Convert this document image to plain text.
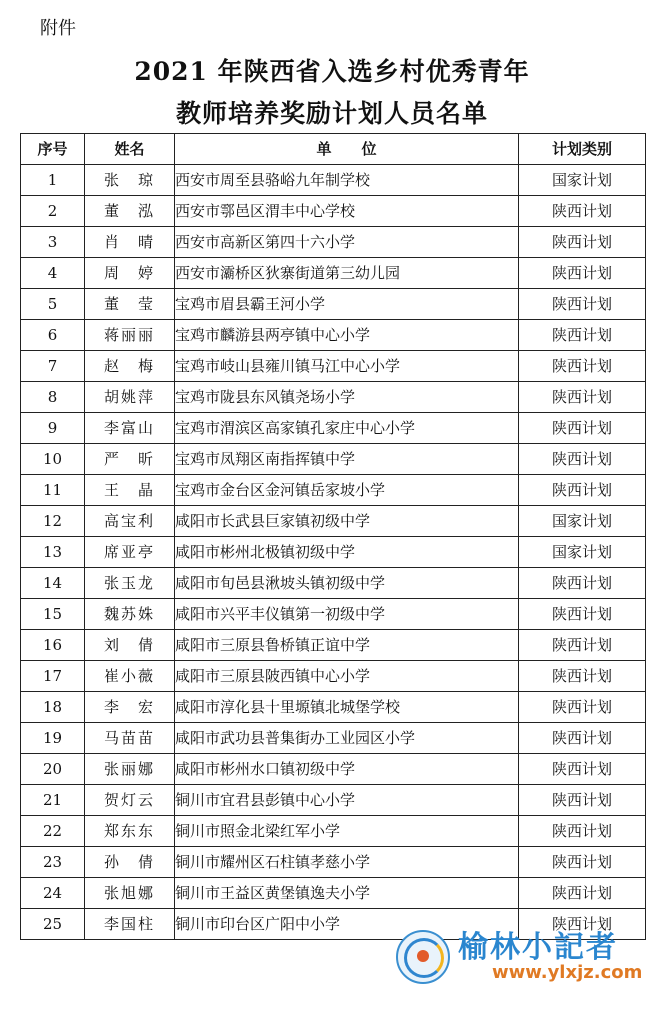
附件
2021 年陕西省入选乡村优秀青年
教师培养奖励计划人员名单
序号	姓名	单　　位	计划类别
1	张　琼	西安市周至县骆峪九年制学校	国家计划
2	董　泓	西安市鄠邑区渭丰中心学校	陕西计划
3	肖　晴	西安市高新区第四十六小学	陕西计划
4	周　婷	西安市灞桥区狄寨街道第三幼儿园	陕西计划
5	董　莹	宝鸡市眉县霸王河小学	陕西计划
6	蒋丽丽	宝鸡市麟游县两亭镇中心小学	陕西计划
7	赵　梅	宝鸡市岐山县雍川镇马江中心小学	陕西计划
8	胡姚萍	宝鸡市陇县东风镇尧场小学	陕西计划
9	李富山	宝鸡市渭滨区高家镇孔家庄中心小学	陕西计划
10	严　昕	宝鸡市凤翔区南指挥镇中学	陕西计划
11	王　晶	宝鸡市金台区金河镇岳家坡小学	陕西计划
12	高宝利	咸阳市长武县巨家镇初级中学	国家计划
13	席亚亭	咸阳市彬州北极镇初级中学	国家计划
14	张玉龙	咸阳市旬邑县湫坡头镇初级中学	陕西计划
15	魏苏姝	咸阳市兴平丰仪镇第一初级中学	陕西计划
16	刘　倩	咸阳市三原县鲁桥镇正谊中学	陕西计划
17	崔小薇	咸阳市三原县陂西镇中心小学	陕西计划
18	李　宏	咸阳市淳化县十里塬镇北城堡学校	陕西计划
19	马苗苗	咸阳市武功县普集街办工业园区小学	陕西计划
20	张丽娜	咸阳市彬州水口镇初级中学	陕西计划
21	贺灯云	铜川市宜君县彭镇中心小学	陕西计划
22	郑东东	铜川市照金北梁红军小学	陕西计划
23	孙　倩	铜川市耀州区石柱镇孝慈小学	陕西计划
24	张旭娜	铜川市王益区黄堡镇逸夫小学	陕西计划
25	李国柱	铜川市印台区广阳中小学	陕西计划
榆林小記者
www.ylxjz.com
